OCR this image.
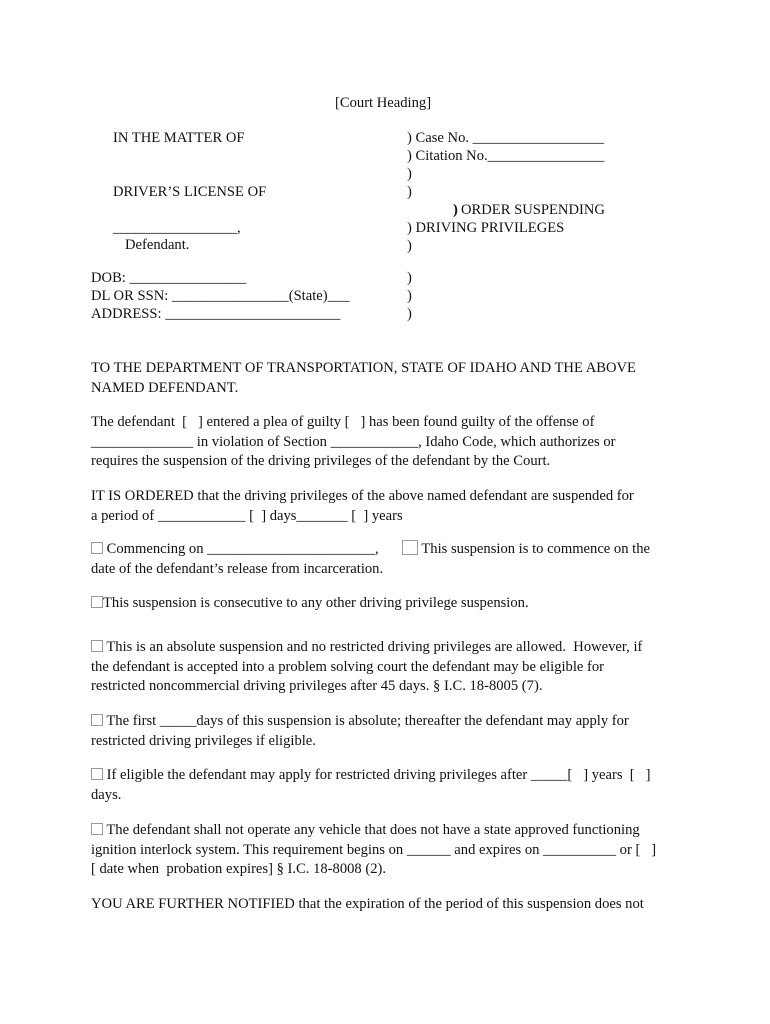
[Court Heading]
IN THE MATTER OF
DRIVER’S LICENSE OF
_________________,
Defendant.
DOB: ________________
DL OR SSN: ________________(State)___
ADDRESS: ________________________
) Case No. __________________
) Citation No.________________
)
)
) ORDER SUSPENDING
) DRIVING PRIVILEGES
)
)
)
)
TO THE DEPARTMENT OF TRANSPORTATION, STATE OF IDAHO AND THE ABOVE
NAMED DEFENDANT.
The defendant  [   ] entered a plea of guilty [   ] has been found guilty of the offense of
______________ in violation of Section ____________, Idaho Code, which authorizes or
requires the suspension of the driving privileges of the defendant by the Court.
IT IS ORDERED that the driving privileges of the above named defendant are suspended for
a period of ____________ [  ] days_______ [  ] years
Commencing on _______________________,
date of the defendant’s release from incarceration.
This suspension is to commence on the
This suspension is consecutive to any other driving privilege suspension.
This is an absolute suspension and no restricted driving privileges are allowed.  However, if
the defendant is accepted into a problem solving court the defendant may be eligible for
restricted noncommercial driving privileges after 45 days. § I.C. 18-8005 (7).
The first _____days of this suspension is absolute; thereafter the defendant may apply for
restricted driving privileges if eligible.
If eligible the defendant may apply for restricted driving privileges after _____[   ] years  [   ]
days.
The defendant shall not operate any vehicle that does not have a state approved functioning
ignition interlock system. This requirement begins on ______ and expires on __________ or [   ]
[ date when  probation expires] § I.C. 18-8008 (2).
YOU ARE FURTHER NOTIFIED that the expiration of the period of this suspension does not
